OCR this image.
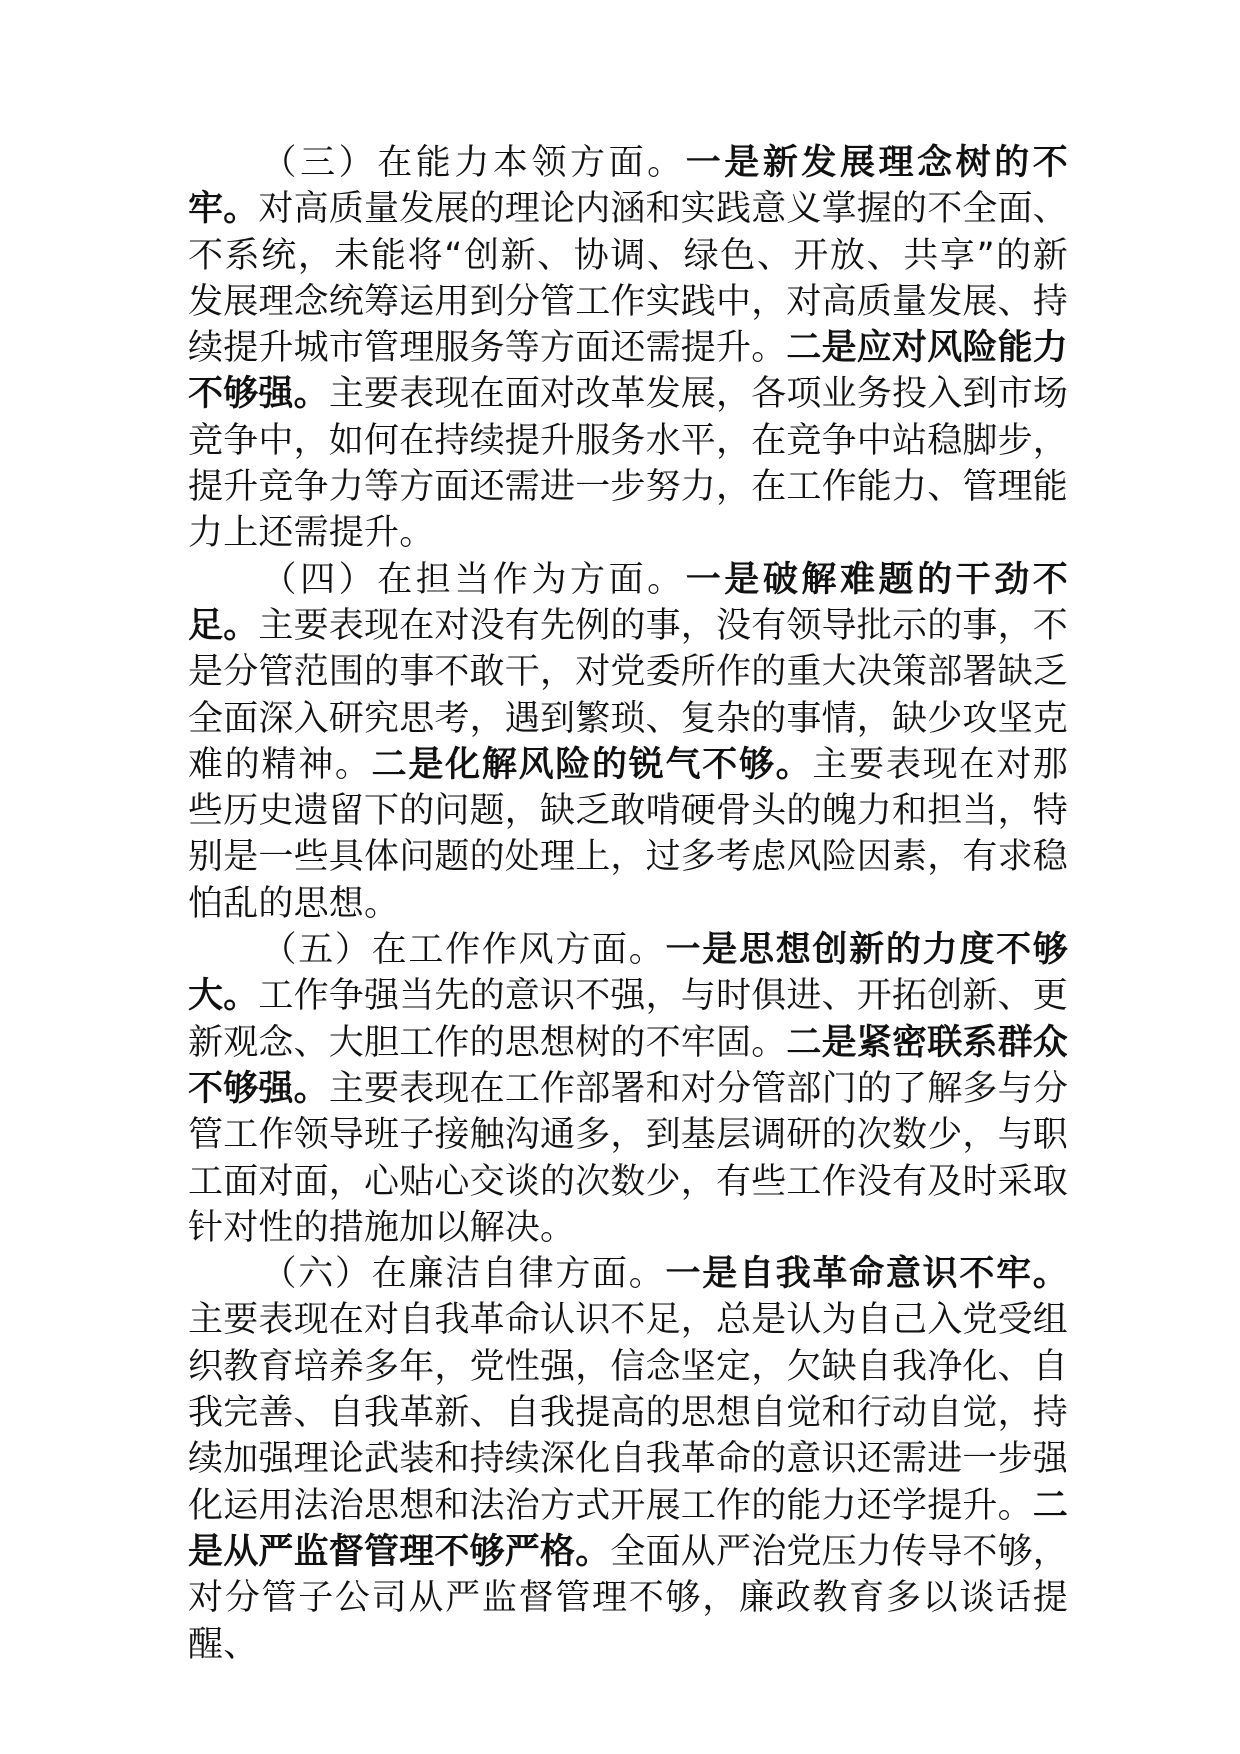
（三）在能力本领方面。一是新发展理念树的不牢。对高质量发展的理论内涵和实践意义掌握的不全面、不系统，未能将“创新、协调、绿色、开放、共享”的新发展理念统筹运用到分管工作实践中，对高质量发展、持续提升城市管理服务等方面还需提升。二是应对风险能力不够强。主要表现在面对改革发展，各项业务投入到市场竞争中，如何在持续提升服务水平，在竞争中站稳脚步，提升竞争力等方面还需进一步努力，在工作能力、管理能力上还需提升。

（四）在担当作为方面。一是破解难题的干劲不足。主要表现在对没有先例的事，没有领导批示的事，不是分管范围的事不敢干，对党委所作的重大决策部署缺乏全面深入研究思考，遇到繁琐、复杂的事情，缺少攻坚克难的精神。二是化解风险的锐气不够。主要表现在对那些历史遗留下的问题，缺乏敢啃硬骨头的魄力和担当，特别是一些具体问题的处理上，过多考虑风险因素，有求稳怕乱的思想。

（五）在工作作风方面。一是思想创新的力度不够大。工作争强当先的意识不强，与时俱进、开拓创新、更新观念、大胆工作的思想树的不牢固。二是紧密联系群众不够强。主要表现在工作部署和对分管部门的了解多与分管工作领导班子接触沟通多，到基层调研的次数少，与职工面对面，心贴心交谈的次数少，有些工作没有及时采取针对性的措施加以解决。

（六）在廉洁自律方面。一是自我革命意识不牢。主要表现在对自我革命认识不足，总是认为自己入党受组织教育培养多年，党性强，信念坚定，欠缺自我净化、自我完善、自我革新、自我提高的思想自觉和行动自觉，持续加强理论武装和持续深化自我革命的意识还需进一步强化运用法治思想和法治方式开展工作的能力还学提升。二是从严监督管理不够严格。全面从严治党压力传导不够，对分管子公司从严监督管理不够，廉政教育多以谈话提醒、
